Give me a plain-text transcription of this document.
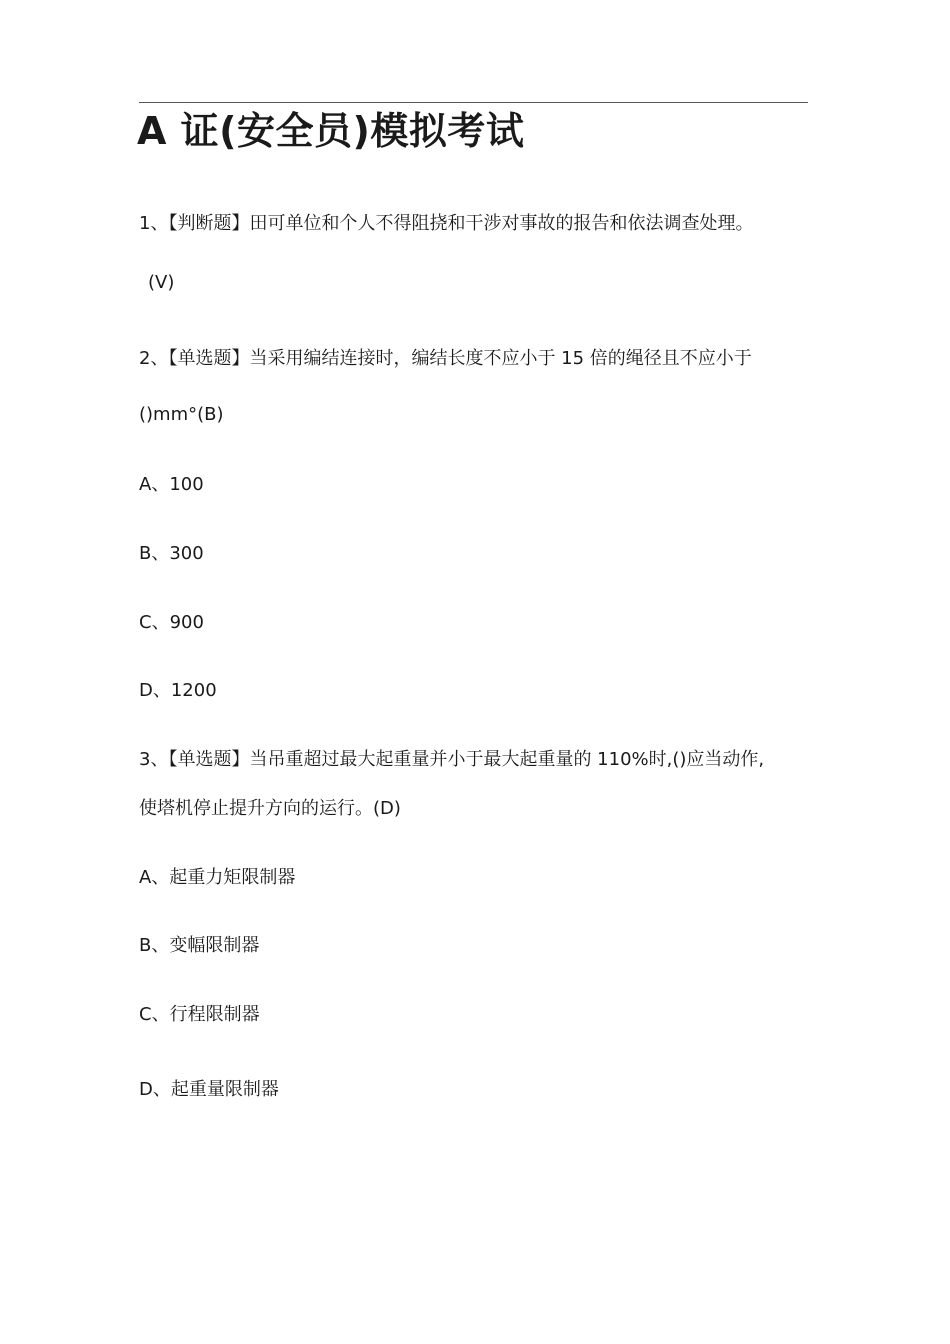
A 证(安全员)模拟考试

1、【判断题】田可单位和个人不得阻挠和干涉对事故的报告和依法调查处理。

(V)

2、【单选题】当采用编结连接时，编结长度不应小于 15 倍的绳径且不应小于

()mm°(B)

A、100

B、300

C、900

D、1200

3、【单选题】当吊重超过最大起重量并小于最大起重量的 110%时,()应当动作,

使塔机停止提升方向的运行。(D)

A、起重力矩限制器

B、变幅限制器

C、行程限制器

D、起重量限制器
